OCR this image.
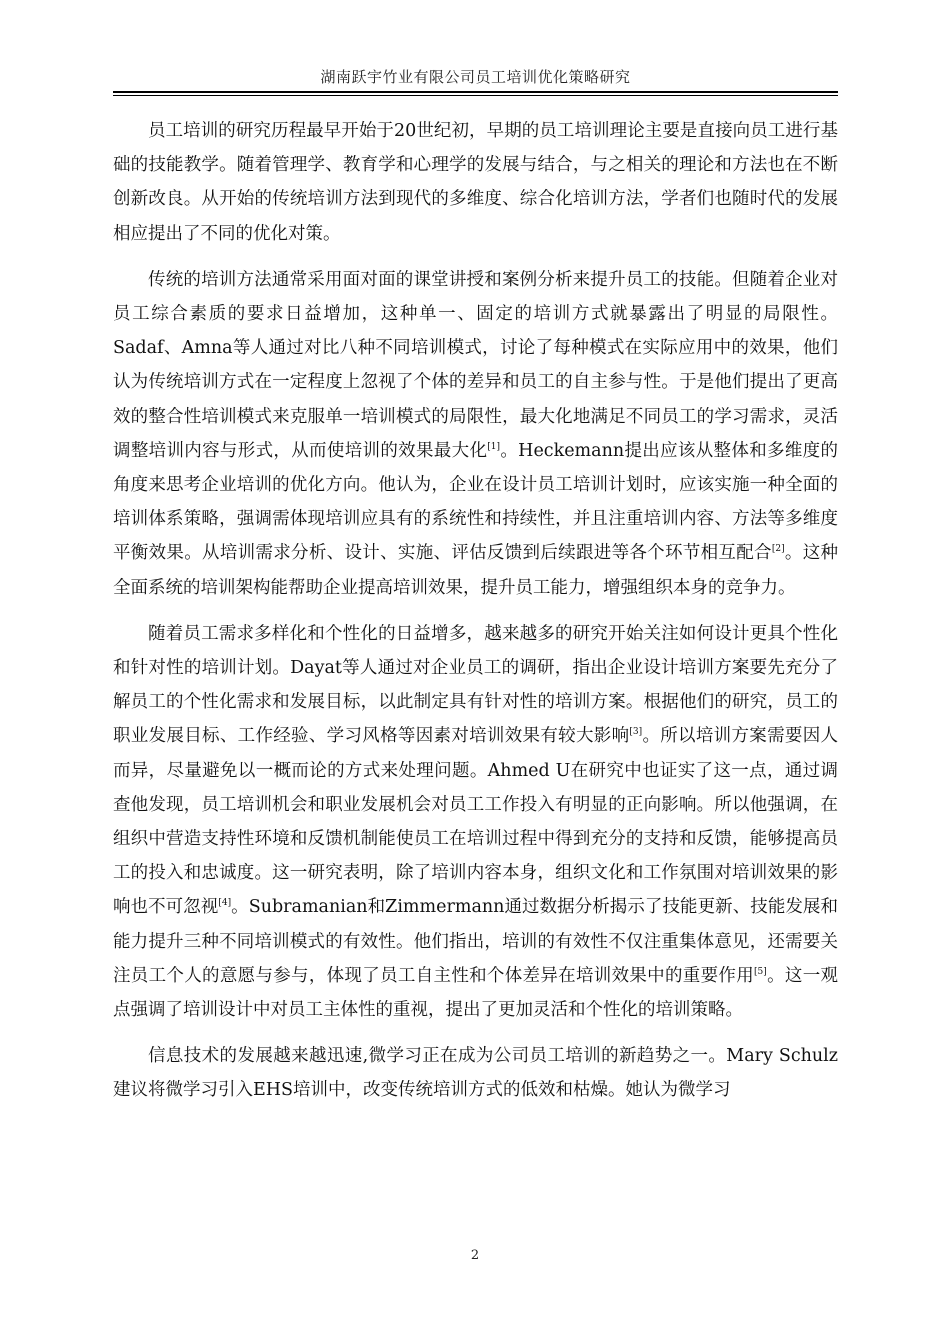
湖南跃宇竹业有限公司员工培训优化策略研究

员工培训的研究历程最早开始于20世纪初，早期的员工培训理论主要是直接向员工进行基础的技能教学。随着管理学、教育学和心理学的发展与结合，与之相关的理论和方法也在不断创新改良。从开始的传统培训方法到现代的多维度、综合化培训方法，学者们也随时代的发展相应提出了不同的优化对策。

传统的培训方法通常采用面对面的课堂讲授和案例分析来提升员工的技能。但随着企业对员工综合素质的要求日益增加，这种单一、固定的培训方式就暴露出了明显的局限性。Sadaf、Amna等人通过对比八种不同培训模式，讨论了每种模式在实际应用中的效果，他们认为传统培训方式在一定程度上忽视了个体的差异和员工的自主参与性。于是他们提出了更高效的整合性培训模式来克服单一培训模式的局限性，最大化地满足不同员工的学习需求，灵活调整培训内容与形式，从而使培训的效果最大化[1]。Heckemann提出应该从整体和多维度的角度来思考企业培训的优化方向。他认为，企业在设计员工培训计划时，应该实施一种全面的培训体系策略，强调需体现培训应具有的系统性和持续性，并且注重培训内容、方法等多维度平衡效果。从培训需求分析、设计、实施、评估反馈到后续跟进等各个环节相互配合[2]。这种全面系统的培训架构能帮助企业提高培训效果，提升员工能力，增强组织本身的竞争力。

随着员工需求多样化和个性化的日益增多，越来越多的研究开始关注如何设计更具个性化和针对性的培训计划。Dayat等人通过对企业员工的调研，指出企业设计培训方案要先充分了解员工的个性化需求和发展目标，以此制定具有针对性的培训方案。根据他们的研究，员工的职业发展目标、工作经验、学习风格等因素对培训效果有较大影响[3]。所以培训方案需要因人而异，尽量避免以一概而论的方式来处理问题。Ahmed U在研究中也证实了这一点，通过调查他发现，员工培训机会和职业发展机会对员工工作投入有明显的正向影响。所以他强调，在组织中营造支持性环境和反馈机制能使员工在培训过程中得到充分的支持和反馈，能够提高员工的投入和忠诚度。这一研究表明，除了培训内容本身，组织文化和工作氛围对培训效果的影响也不可忽视[4]。Subramanian和Zimmermann通过数据分析揭示了技能更新、技能发展和能力提升三种不同培训模式的有效性。他们指出，培训的有效性不仅注重集体意见，还需要关注员工个人的意愿与参与，体现了员工自主性和个体差异在培训效果中的重要作用[5]。这一观点强调了培训设计中对员工主体性的重视，提出了更加灵活和个性化的培训策略。

信息技术的发展越来越迅速,微学习正在成为公司员工培训的新趋势之一。Mary Schulz建议将微学习引入EHS培训中，改变传统培训方式的低效和枯燥。她认为微学习

2
